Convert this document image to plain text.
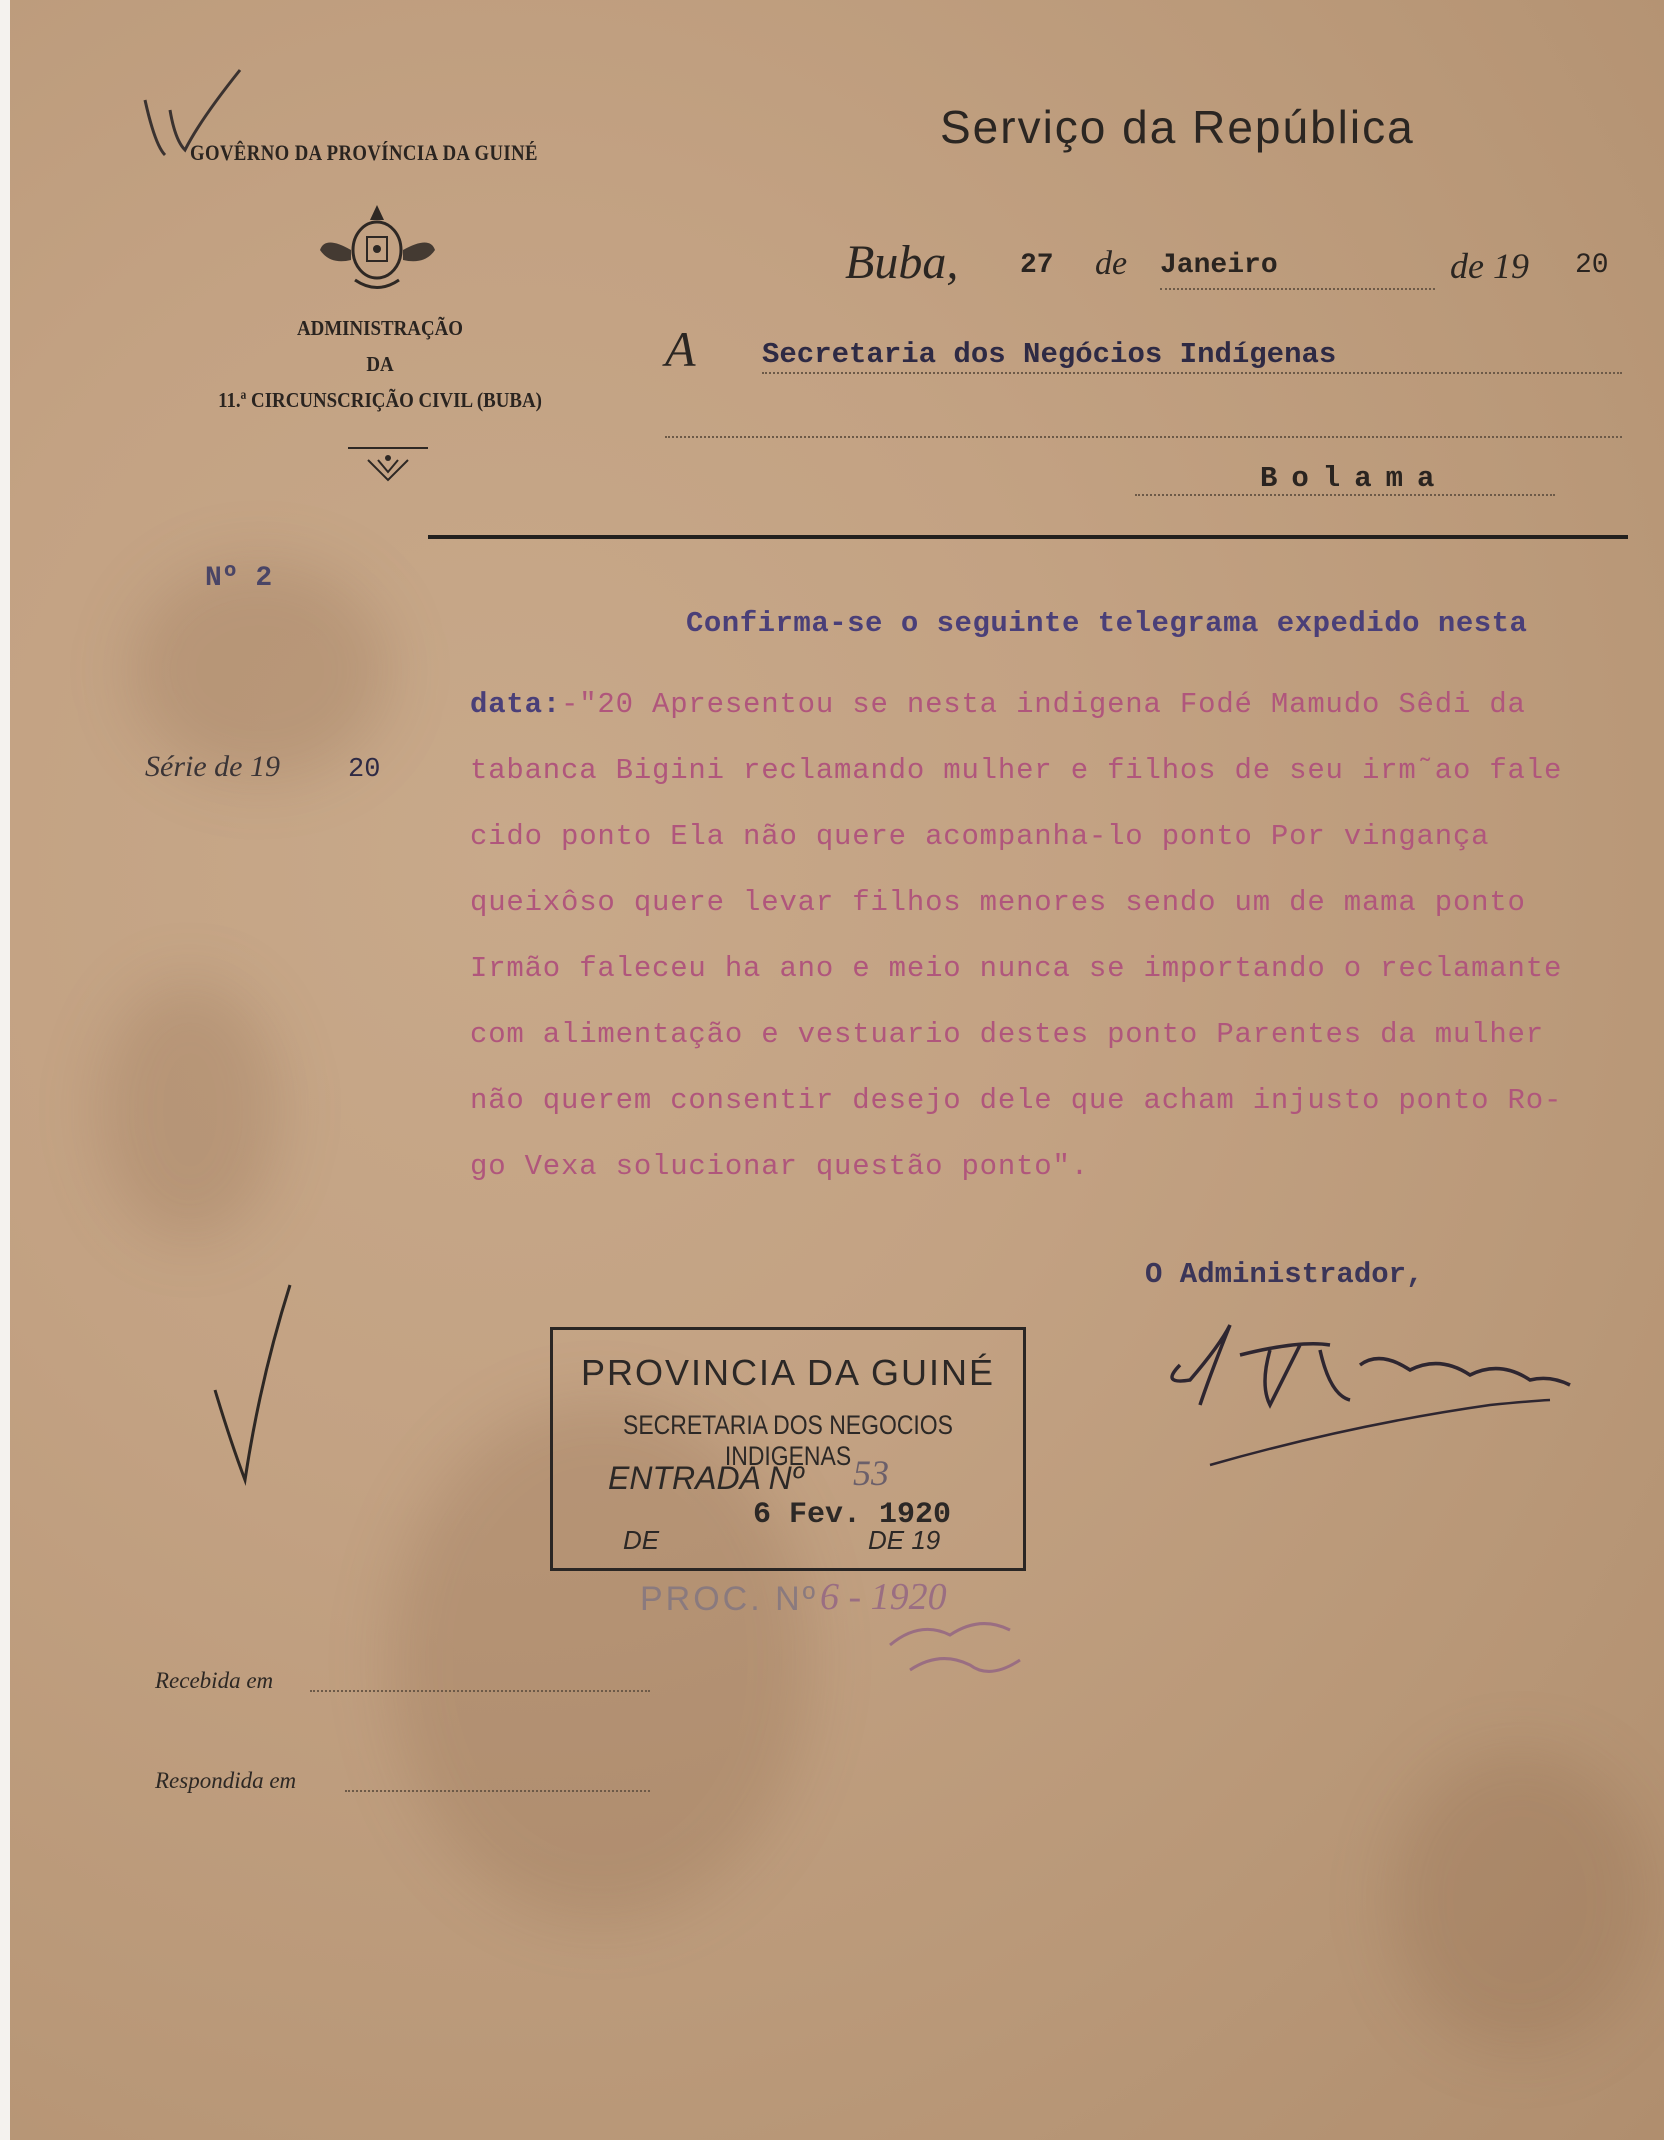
GOVÊRNO DA PROVÍNCIA DA GUINÉ	Serviço da República
ADMINISTRAÇÃO
DA
11.ª CIRCUNSCRIÇÃO CIVIL (BUBA)
Buba, 27 de Janeiro	de 19 20
A Secretaria dos Negócios Indígenas
Bolama
Nº 2
Série de 19	20
Confirma-se o seguinte telegrama expedido nesta
data:-"20 Apresentou se nesta indigena Fodé Mamudo Sêdi da
tabanca Bigini reclamando mulher e filhos de seu irm˜ao fale
cido ponto Ela não quere acompanha-lo ponto Por vingança
queixôso quere levar filhos menores sendo um de mama ponto
Irmão faleceu ha ano e meio nunca se importando o reclamante
com alimentação e vestuario destes ponto Parentes da mulher
não querem consentir desejo dele que acham injusto ponto Ro-
go Vexa solucionar questão ponto".
O Administrador,
PROVINCIA DA GUINÉ
SECRETARIA DOS NEGOCIOS INDIGENAS
ENTRADA Nº 53
6 Fev. 1920
DE	DE 19
PROC. Nº 6 - 1920
Recebida em
Respondida em
